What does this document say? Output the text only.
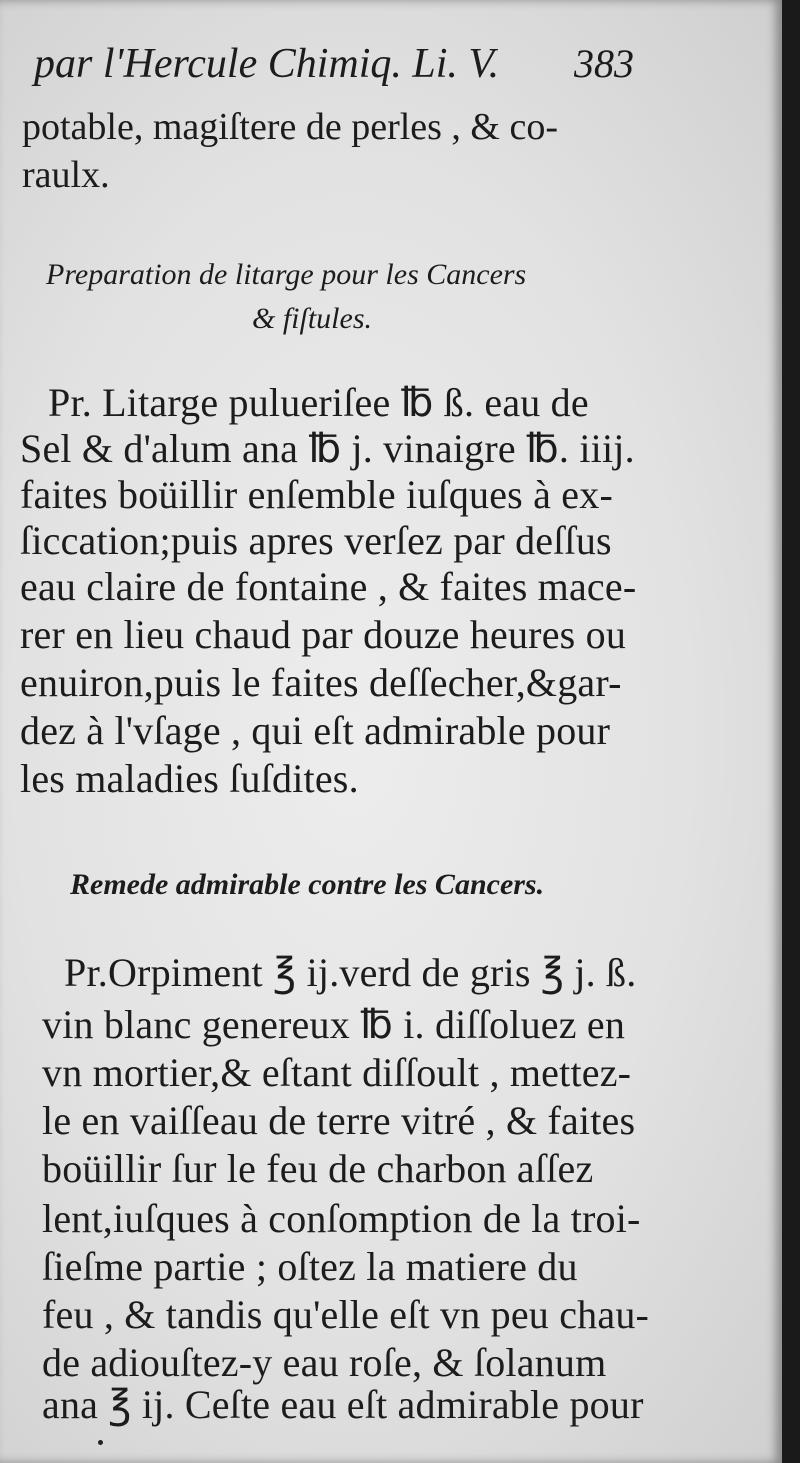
par l'Hercule Chimiq. Li. V. 383
potable, magiſtere de perles , & co-
raulx.
Preparation de litarge pour les Cancers
& fiſtules.
Pr. Litarge pulueriſee ℔ ß. eau de
Sel & d'alum ana ℔ j. vinaigre ℔. iiij.
faites boüillir enſemble iuſques à ex-
ſiccation;puis apres verſez par deſſus
eau claire de fontaine , & faites mace-
rer en lieu chaud par douze heures ou
enuiron,puis le faites deſſecher,&gar-
dez à l'vſage , qui eſt admirable pour
les maladies ſuſdites.
Remede admirable contre les Cancers.
Pr.Orpiment ℥ ij.verd de gris ℥ j. ß.
vin blanc genereux ℔ i. diſſoluez en
vn mortier,& eſtant diſſoult , mettez-
le en vaiſſeau de terre vitré , & faites
boüillir ſur le feu de charbon aſſez
lent,iuſques à conſomption de la troi-
ſieſme partie ; oſtez la matiere du
feu , & tandis qu'elle eſt vn peu chau-
de adiouſtez-y eau roſe, & ſolanum
ana ℥ ij. Ceſte eau eſt admirable pour
